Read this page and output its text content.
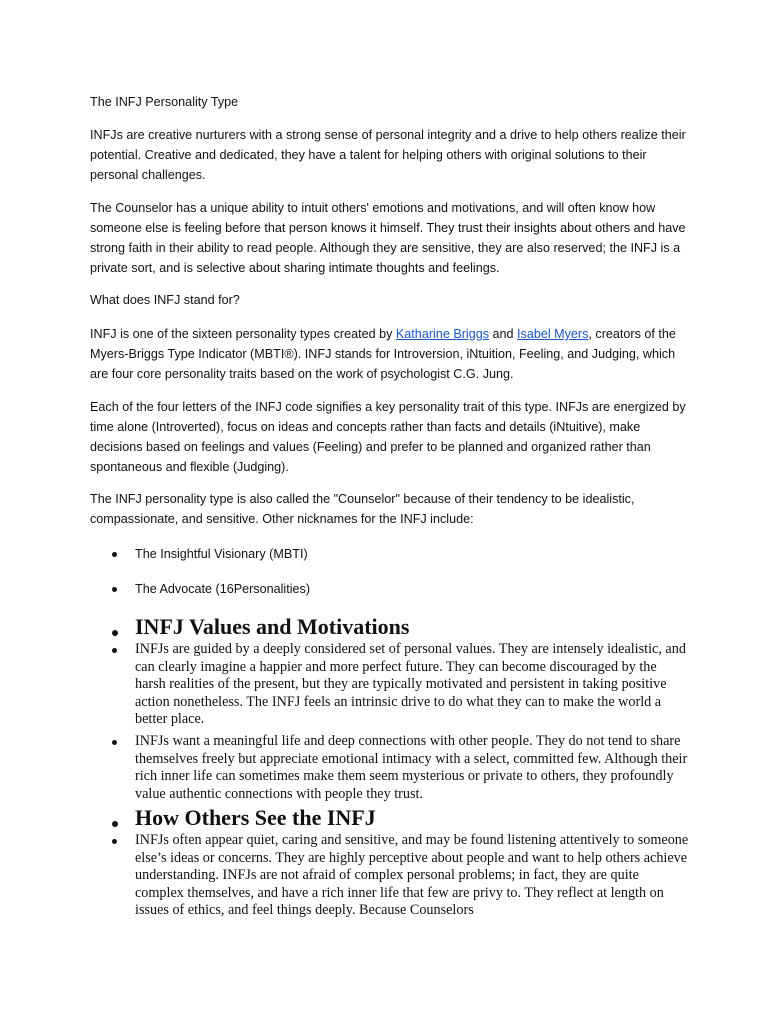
The INFJ Personality Type

INFJs are creative nurturers with a strong sense of personal integrity and a drive to help others realize their potential. Creative and dedicated, they have a talent for helping others with original solutions to their personal challenges.

The Counselor has a unique ability to intuit others' emotions and motivations, and will often know how someone else is feeling before that person knows it himself. They trust their insights about others and have strong faith in their ability to read people. Although they are sensitive, they are also reserved; the INFJ is a private sort, and is selective about sharing intimate thoughts and feelings.

What does INFJ stand for?

INFJ is one of the sixteen personality types created by Katharine Briggs and Isabel Myers, creators of the Myers-Briggs Type Indicator (MBTI®). INFJ stands for Introversion, iNtuition, Feeling, and Judging, which are four core personality traits based on the work of psychologist C.G. Jung.

Each of the four letters of the INFJ code signifies a key personality trait of this type. INFJs are energized by time alone (Introverted), focus on ideas and concepts rather than facts and details (iNtuitive), make decisions based on feelings and values (Feeling) and prefer to be planned and organized rather than spontaneous and flexible (Judging).

The INFJ personality type is also called the "Counselor" because of their tendency to be idealistic, compassionate, and sensitive. Other nicknames for the INFJ include:

The Insightful Visionary (MBTI)
The Advocate (16Personalities)
INFJ Values and Motivations
INFJs are guided by a deeply considered set of personal values. They are intensely idealistic, and can clearly imagine a happier and more perfect future. They can become discouraged by the harsh realities of the present, but they are typically motivated and persistent in taking positive action nonetheless. The INFJ feels an intrinsic drive to do what they can to make the world a better place.
INFJs want a meaningful life and deep connections with other people. They do not tend to share themselves freely but appreciate emotional intimacy with a select, committed few. Although their rich inner life can sometimes make them seem mysterious or private to others, they profoundly value authentic connections with people they trust.
How Others See the INFJ
INFJs often appear quiet, caring and sensitive, and may be found listening attentively to someone else’s ideas or concerns. They are highly perceptive about people and want to help others achieve understanding. INFJs are not afraid of complex personal problems; in fact, they are quite complex themselves, and have a rich inner life that few are privy to. They reflect at length on issues of ethics, and feel things deeply. Because Counselors
